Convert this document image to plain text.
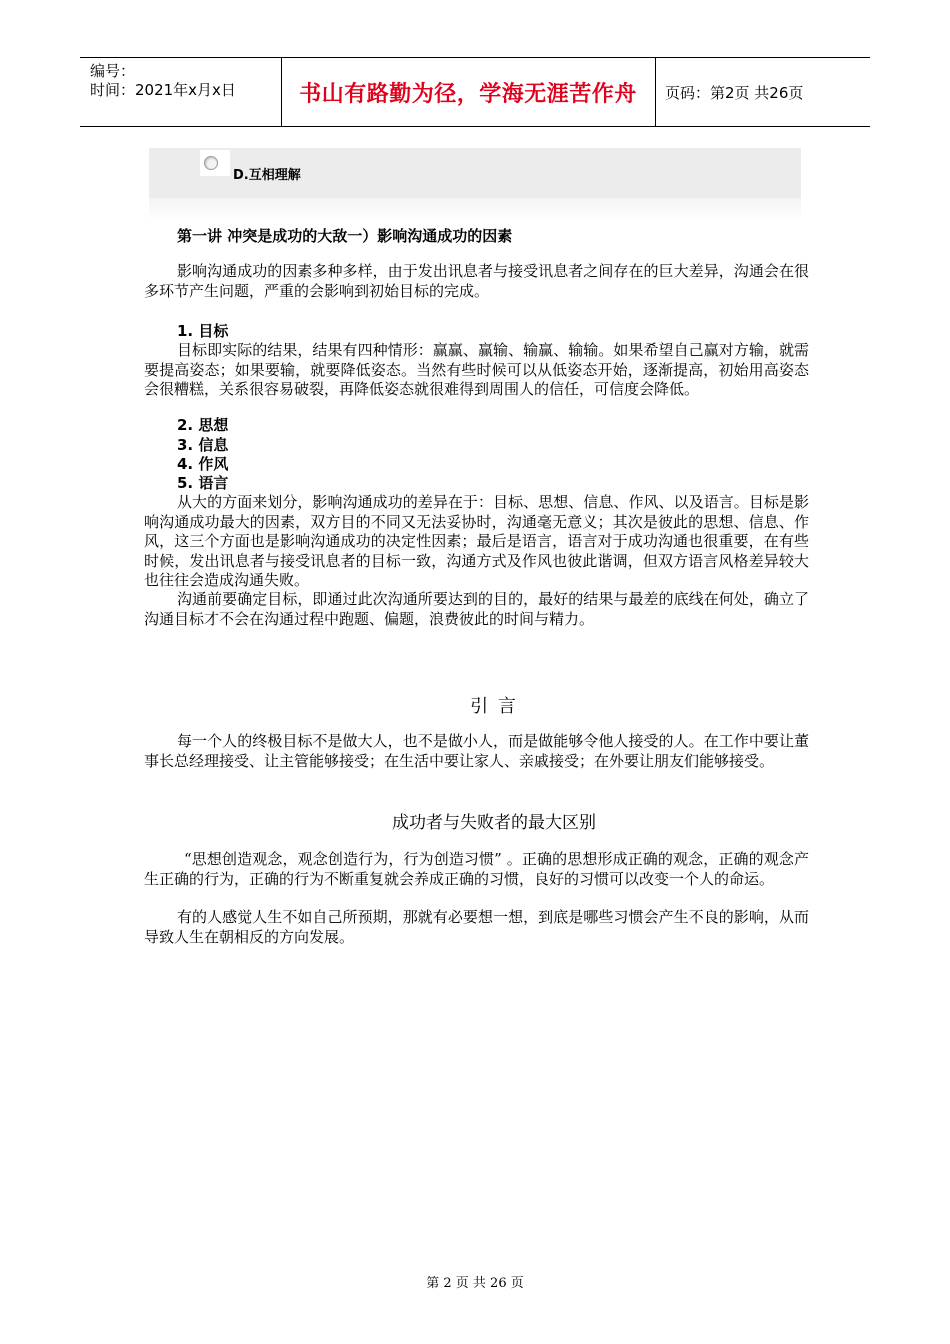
编号：
时间：2021年x月x日	书山有路勤为径，学海无涯苦作舟 页码：第2页 共26页
D.互相理解
第一讲 冲突是成功的大敌一）影响沟通成功的因素
影响沟通成功的因素多种多样，由于发出讯息者与接受讯息者之间存在的巨大差异，沟通会在很多环节产生问题，严重的会影响到初始目标的完成。
1. 目标
目标即实际的结果，结果有四种情形：赢赢、赢输、输赢、输输。如果希望自己赢对方输，就需要提高姿态；如果要输，就要降低姿态。当然有些时候可以从低姿态开始，逐渐提高，初始用高姿态会很糟糕，关系很容易破裂，再降低姿态就很难得到周围人的信任，可信度会降低。
2. 思想
3. 信息
4. 作风
5. 语言
从大的方面来划分，影响沟通成功的差异在于：目标、思想、信息、作风、以及语言。目标是影响沟通成功最大的因素，双方目的不同又无法妥协时，沟通毫无意义；其次是彼此的思想、信息、作风，这三个方面也是影响沟通成功的决定性因素；最后是语言，语言对于成功沟通也很重要，在有些时候，发出讯息者与接受讯息者的目标一致，沟通方式及作风也彼此谐调，但双方语言风格差异较大也往往会造成沟通失败。
沟通前要确定目标，即通过此次沟通所要达到的目的，最好的结果与最差的底线在何处，确立了沟通目标才不会在沟通过程中跑题、偏题，浪费彼此的时间与精力。
引 言
每一个人的终极目标不是做大人，也不是做小人，而是做能够令他人接受的人。在工作中要让董事长总经理接受、让主管能够接受；在生活中要让家人、亲戚接受；在外要让朋友们能够接受。
成功者与失败者的最大区别
“思想创造观念，观念创造行为，行为创造习惯” 。正确的思想形成正确的观念，正确的观念产生正确的行为，正确的行为不断重复就会养成正确的习惯，良好的习惯可以改变一个人的命运。
有的人感觉人生不如自己所预期，那就有必要想一想，到底是哪些习惯会产生不良的影响，从而导致人生在朝相反的方向发展。
第 2 页 共 26 页
